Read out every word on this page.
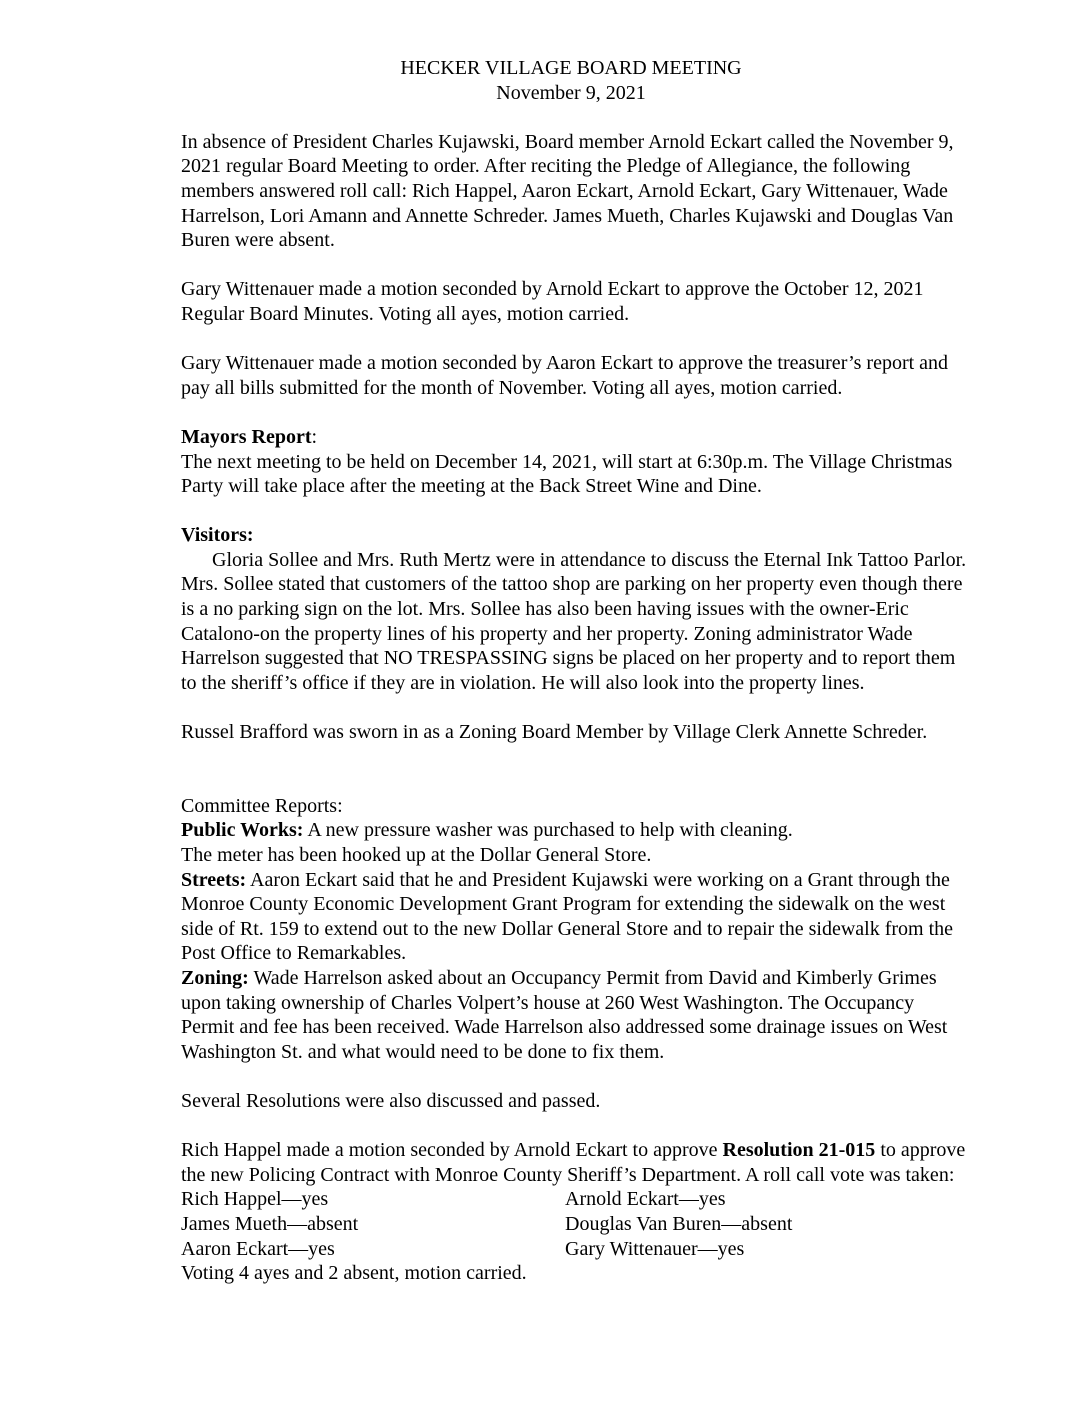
HECKER VILLAGE BOARD MEETING
November 9, 2021

In absence of President Charles Kujawski, Board member Arnold Eckart called the November 9, 2021 regular Board Meeting to order. After reciting the Pledge of Allegiance, the following members answered roll call: Rich Happel, Aaron Eckart, Arnold Eckart, Gary Wittenauer, Wade Harrelson, Lori Amann and Annette Schreder. James Mueth, Charles Kujawski and Douglas Van Buren were absent.

Gary Wittenauer made a motion seconded by Arnold Eckart to approve the October 12, 2021 Regular Board Minutes. Voting all ayes, motion carried.

Gary Wittenauer made a motion seconded by Aaron Eckart to approve the treasurer’s report and pay all bills submitted for the month of November. Voting all ayes, motion carried.

Mayors Report:
The next meeting to be held on December 14, 2021, will start at 6:30p.m. The Village Christmas Party will take place after the meeting at the Back Street Wine and Dine.
Visitors:
Gloria Sollee and Mrs. Ruth Mertz were in attendance to discuss the Eternal Ink Tattoo Parlor. Mrs. Sollee stated that customers of the tattoo shop are parking on her property even though there is a no parking sign on the lot. Mrs. Sollee has also been having issues with the owner-Eric Catalono-on the property lines of his property and her property. Zoning administrator Wade Harrelson suggested that NO TRESPASSING signs be placed on her property and to report them to the sheriff’s office if they are in violation. He will also look into the property lines.

Russel Brafford was sworn in as a Zoning Board Member by Village Clerk Annette Schreder.

Committee Reports:
Public Works: A new pressure washer was purchased to help with cleaning.
The meter has been hooked up at the Dollar General Store.
Streets: Aaron Eckart said that he and President Kujawski were working on a Grant through the Monroe County Economic Development Grant Program for extending the sidewalk on the west side of Rt. 159 to extend out to the new Dollar General Store and to repair the sidewalk from the Post Office to Remarkables.
Zoning: Wade Harrelson asked about an Occupancy Permit from David and Kimberly Grimes upon taking ownership of Charles Volpert’s house at 260 West Washington. The Occupancy Permit and fee has been received. Wade Harrelson also addressed some drainage issues on West Washington St. and what would need to be done to fix them.

Several Resolutions were also discussed and passed.

Rich Happel made a motion seconded by Arnold Eckart to approve Resolution 21-015 to approve the new Policing Contract with Monroe County Sheriff’s Department. A roll call vote was taken:

Rich Happel—yes	Arnold Eckart—yes
James Mueth—absent	Douglas Van Buren—absent
Aaron Eckart—yes	Gary Wittenauer—yes
Voting 4 ayes and 2 absent, motion carried.
